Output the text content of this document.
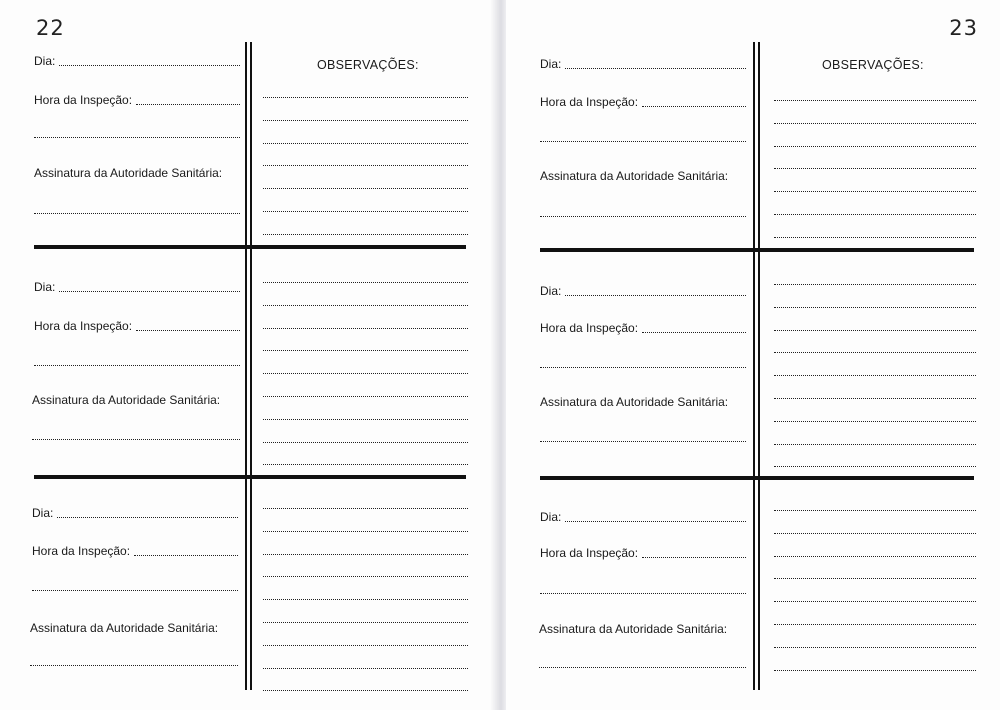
22
OBSERVAÇÕES:
Dia:
Hora da Inspeção:
Assinatura da Autoridade Sanitária:
Dia:
Hora da Inspeção:
Assinatura da Autoridade Sanitária:
Dia:
Hora da Inspeção:
Assinatura da Autoridade Sanitária:
23
OBSERVAÇÕES:
Dia:
Hora da Inspeção:
Assinatura da Autoridade Sanitária:
Dia:
Hora da Inspeção:
Assinatura da Autoridade Sanitária:
Dia:
Hora da Inspeção:
Assinatura da Autoridade Sanitária:
